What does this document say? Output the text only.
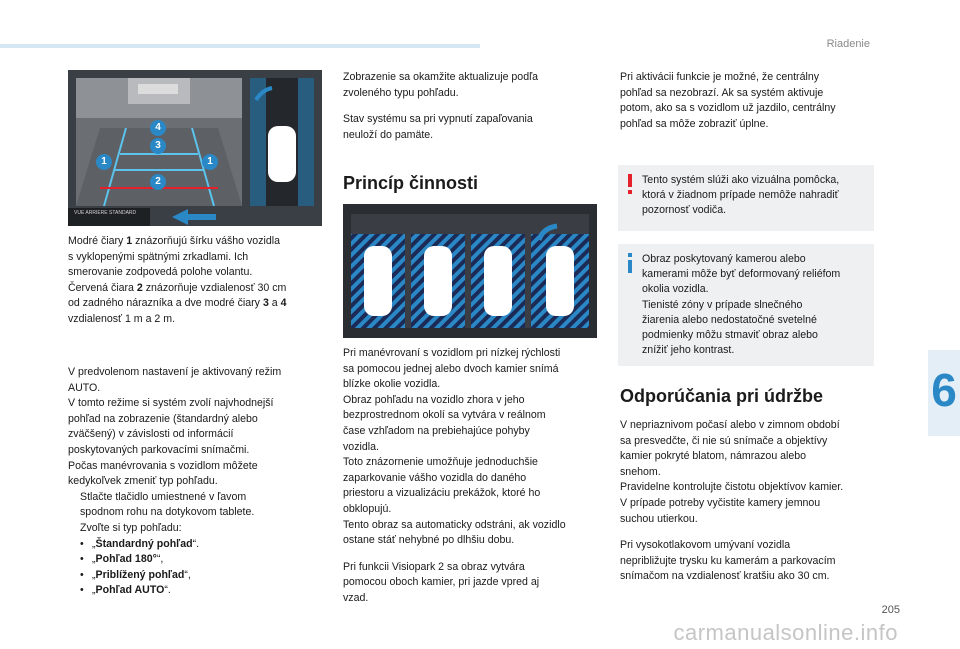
Riadenie
6
VUE ARRIERE STANDARD
4
3
1	1
2

Modré čiary 1 znázorňujú šírku vášho vozidla
s vyklopenými spätnými zrkadlami. Ich
smerovanie zodpovedá polohe volantu.
Červená čiara 2 znázorňuje vzdialenosť 30 cm
od zadného nárazníka a dve modré čiary 3 a 4
vzdialenosť 1 m a 2 m.

V predvolenom nastavení je aktivovaný režim
AUTO.
V tomto režime si systém zvolí najvhodnejší
pohľad na zobrazenie (štandardný alebo
zväčšený) v závislosti od informácií
poskytovaných parkovacími snímačmi.
Počas manévrovania s vozidlom môžete
kedykoľvek zmeniť typ pohľadu.
Stlačte tlačidlo umiestnené v ľavom
spodnom rohu na dotykovom tablete.
Zvoľte si typ pohľadu:
• „Štandardný pohľad“.
• „Pohľad 180°“,
• „Priblížený pohľad“,
• „Pohľad AUTO“.

Zobrazenie sa okamžite aktualizuje podľa
zvoleného typu pohľadu.

Stav systému sa pri vypnutí zapaľovania
neuloží do pamäte.

Princíp činnosti

Pri manévrovaní s vozidlom pri nízkej rýchlosti
sa pomocou jednej alebo dvoch kamier snímá
blízke okolie vozidla.
Obraz pohľadu na vozidlo zhora v jeho
bezprostrednom okolí sa vytvára v reálnom
čase vzhľadom na prebiehajúce pohyby
vozidla.
Toto znázornenie umožňuje jednoduchšie
zaparkovanie vášho vozidla do daného
priestoru a vizualizáciu prekážok, ktoré ho
obklopujú.
Tento obraz sa automaticky odstráni, ak vozidlo
ostane stáť nehybné po dlhšiu dobu.

Pri funkcii Visiopark 2 sa obraz vytvára
pomocou oboch kamier, pri jazde vpred aj
vzad.

Pri aktivácii funkcie je možné, že centrálny
pohľad sa nezobrazí. Ak sa systém aktivuje
potom, ako sa s vozidlom už jazdilo, centrálny
pohľad sa môže zobraziť úplne.

Tento systém slúži ako vizuálna pomôcka,
ktorá v žiadnom prípade nemôže nahradiť
pozornosť vodiča.
Obraz poskytovaný kamerou alebo
kamerami môže byť deformovaný reliéfom
okolia vozidla.
Tienisté zóny v prípade slnečného
žiarenia alebo nedostatočné svetelné
podmienky môžu stmaviť obraz alebo
znížiť jeho kontrast.
Odporúčania pri údržbe

V nepriaznivom počasí alebo v zimnom období
sa presvedčte, či nie sú snímače a objektívy
kamier pokryté blatom, námrazou alebo
snehom.
Pravidelne kontrolujte čistotu objektívov kamier.
V prípade potreby vyčistite kamery jemnou
suchou utierkou.

Pri vysokotlakovom umývaní vozidla
nepribližujte trysku ku kamerám a parkovacím
snímačom na vzdialenosť kratšiu ako 30 cm.

205
carmanualsonline.info
